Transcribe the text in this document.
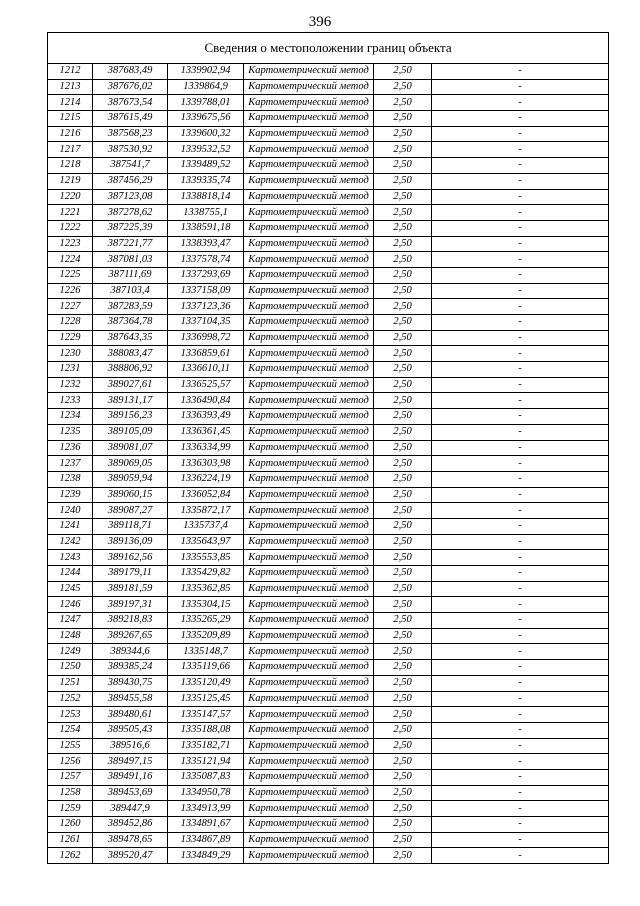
396
Сведения о местоположении границ объекта					
1212	387683,49	1339902,94	Картометрический метод	2,50	-
1213	387676,02	1339864,9	Картометрический метод	2,50	-
1214	387673,54	1339788,01	Картометрический метод	2,50	-
1215	387615,49	1339675,56	Картометрический метод	2,50	-
1216	387568,23	1339600,32	Картометрический метод	2,50	-
1217	387530,92	1339532,52	Картометрический метод	2,50	-
1218	387541,7	1339489,52	Картометрический метод	2,50	-
1219	387456,29	1339335,74	Картометрический метод	2,50	-
1220	387123,08	1338818,14	Картометрический метод	2,50	-
1221	387278,62	1338755,1	Картометрический метод	2,50	-
1222	387225,39	1338591,18	Картометрический метод	2,50	-
1223	387221,77	1338393,47	Картометрический метод	2,50	-
1224	387081,03	1337578,74	Картометрический метод	2,50	-
1225	387111,69	1337293,69	Картометрический метод	2,50	-
1226	387103,4	1337158,09	Картометрический метод	2,50	-
1227	387283,59	1337123,36	Картометрический метод	2,50	-
1228	387364,78	1337104,35	Картометрический метод	2,50	-
1229	387643,35	1336998,72	Картометрический метод	2,50	-
1230	388083,47	1336859,61	Картометрический метод	2,50	-
1231	388806,92	1336610,11	Картометрический метод	2,50	-
1232	389027,61	1336525,57	Картометрический метод	2,50	-
1233	389131,17	1336490,84	Картометрический метод	2,50	-
1234	389156,23	1336393,49	Картометрический метод	2,50	-
1235	389105,09	1336361,45	Картометрический метод	2,50	-
1236	389081,07	1336334,99	Картометрический метод	2,50	-
1237	389069,05	1336303,98	Картометрический метод	2,50	-
1238	389059,94	1336224,19	Картометрический метод	2,50	-
1239	389060,15	1336052,84	Картометрический метод	2,50	-
1240	389087,27	1335872,17	Картометрический метод	2,50	-
1241	389118,71	1335737,4	Картометрический метод	2,50	-
1242	389136,09	1335643,97	Картометрический метод	2,50	-
1243	389162,56	1335553,85	Картометрический метод	2,50	-
1244	389179,11	1335429,82	Картометрический метод	2,50	-
1245	389181,59	1335362,85	Картометрический метод	2,50	-
1246	389197,31	1335304,15	Картометрический метод	2,50	-
1247	389218,83	1335265,29	Картометрический метод	2,50	-
1248	389267,65	1335209,89	Картометрический метод	2,50	-
1249	389344,6	1335148,7	Картометрический метод	2,50	-
1250	389385,24	1335119,66	Картометрический метод	2,50	-
1251	389430,75	1335120,49	Картометрический метод	2,50	-
1252	389455,58	1335125,45	Картометрический метод	2,50	-
1253	389480,61	1335147,57	Картометрический метод	2,50	-
1254	389505,43	1335188,08	Картометрический метод	2,50	-
1255	389516,6	1335182,71	Картометрический метод	2,50	-
1256	389497,15	1335121,94	Картометрический метод	2,50	-
1257	389491,16	1335087,83	Картометрический метод	2,50	-
1258	389453,69	1334950,78	Картометрический метод	2,50	-
1259	389447,9	1334913,99	Картометрический метод	2,50	-
1260	389452,86	1334891,67	Картометрический метод	2,50	-
1261	389478,65	1334867,89	Картометрический метод	2,50	-
1262	389520,47	1334849,29	Картометрический метод	2,50	-
